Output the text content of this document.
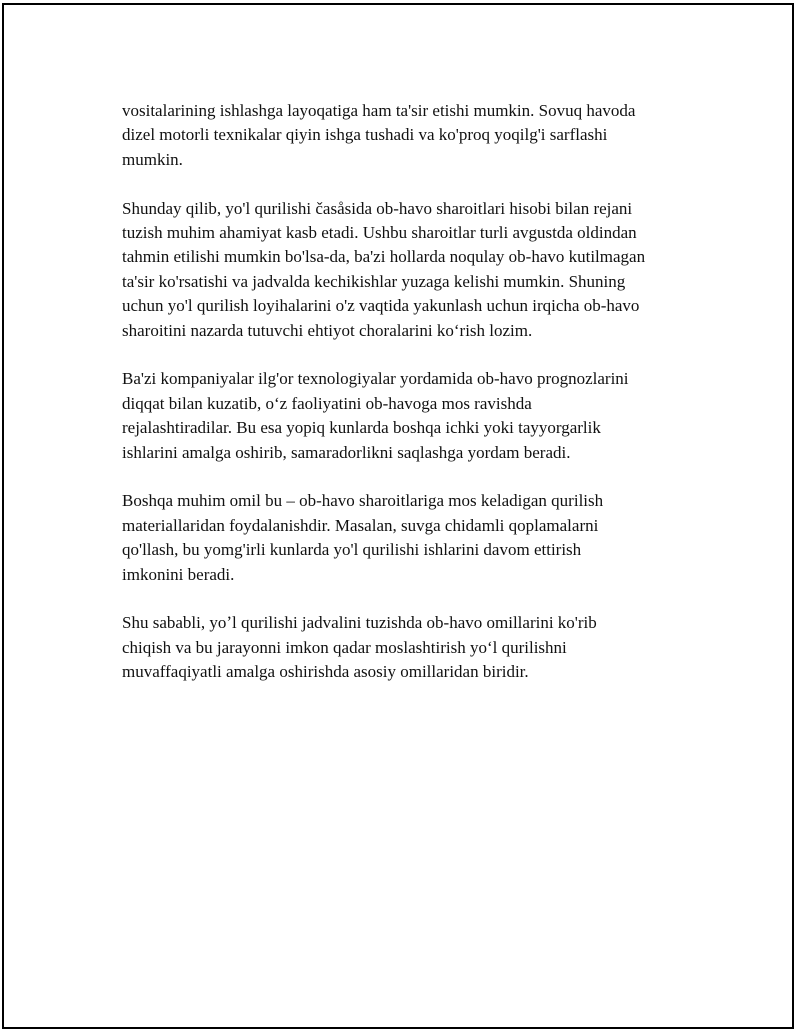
vositalarining ishlashga layoqatiga ham ta'sir etishi mumkin. Sovuq havoda
dizel motorli texnikalar qiyin ishga tushadi va ko'proq yoqilg'i sarflashi
mumkin.

Shunday qilib, yo'l qurilishi časåsida ob-havo sharoitlari hisobi bilan rejani
tuzish muhim ahamiyat kasb etadi. Ushbu sharoitlar turli avgustda oldindan
tahmin etilishi mumkin bo'lsa-da, ba'zi hollarda noqulay ob-havo kutilmagan
ta'sir ko'rsatishi va jadvalda kechikishlar yuzaga kelishi mumkin. Shuning
uchun yo'l qurilish loyihalarini o'z vaqtida yakunlash uchun irqicha ob-havo
sharoitini nazarda tutuvchi ehtiyot choralarini koʻrish lozim.

Ba'zi kompaniyalar ilg'or texnologiyalar yordamida ob-havo prognozlarini
diqqat bilan kuzatib, oʻz faoliyatini ob-havoga mos ravishda
rejalashtiradilar. Bu esa yopiq kunlarda boshqa ichki yoki tayyorgarlik
ishlarini amalga oshirib, samaradorlikni saqlashga yordam beradi.

Boshqa muhim omil bu – ob-havo sharoitlariga mos keladigan qurilish
materiallaridan foydalanishdir. Masalan, suvga chidamli qoplamalarni
qo'llash, bu yomg'irli kunlarda yo'l qurilishi ishlarini davom ettirish
imkonini beradi.

Shu sababli, yoʼl qurilishi jadvalini tuzishda ob-havo omillarini ko'rib
chiqish va bu jarayonni imkon qadar moslashtirish yoʻl qurilishni
muvaffaqiyatli amalga oshirishda asosiy omillaridan biridir.
